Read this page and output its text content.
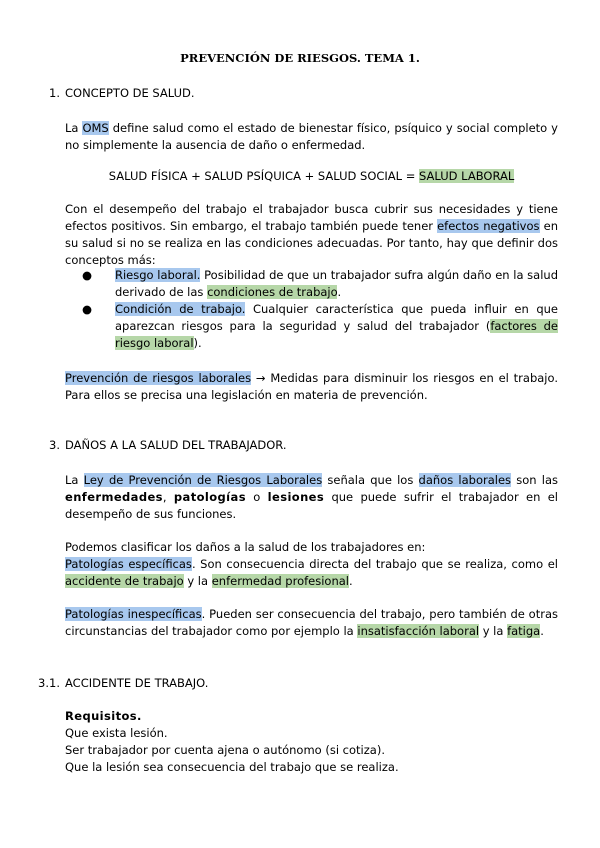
PREVENCIÓN DE RIESGOS. TEMA 1.
1. CONCEPTO DE SALUD.

La OMS define salud como el estado de bienestar físico, psíquico y social completo y no simplemente la ausencia de daño o enfermedad.

SALUD FÍSICA + SALUD PSÍQUICA + SALUD SOCIAL = SALUD LABORAL

Con el desempeño del trabajo el trabajador busca cubrir sus necesidades y tiene efectos positivos. Sin embargo, el trabajo también puede tener efectos negativos en su salud si no se realiza en las condiciones adecuadas. Por tanto, hay que definir dos conceptos más:

●	Riesgo laboral. Posibilidad de que un trabajador sufra algún daño en la salud derivado de las condiciones de trabajo.

●	Condición de trabajo. Cualquier característica que pueda influir en que aparezcan riesgos para la seguridad y salud del trabajador (factores de riesgo laboral).

Prevención de riesgos laborales → Medidas para disminuir los riesgos en el trabajo. Para ellos se precisa una legislación en materia de prevención.

3. DAÑOS A LA SALUD DEL TRABAJADOR.

La Ley de Prevención de Riesgos Laborales señala que los daños laborales son las enfermedades, patologías o lesiones que puede sufrir el trabajador en el desempeño de sus funciones.

Podemos clasificar los daños a la salud de los trabajadores en:

Patologías específicas. Son consecuencia directa del trabajo que se realiza, como el accidente de trabajo y la enfermedad profesional.

Patologías inespecíficas. Pueden ser consecuencia del trabajo, pero también de otras circunstancias del trabajador como por ejemplo la insatisfacción laboral y la fatiga.

3.1. ACCIDENTE DE TRABAJO.

Requisitos.

Que exista lesión.

Ser trabajador por cuenta ajena o autónomo (si cotiza).

Que la lesión sea consecuencia del trabajo que se realiza.
